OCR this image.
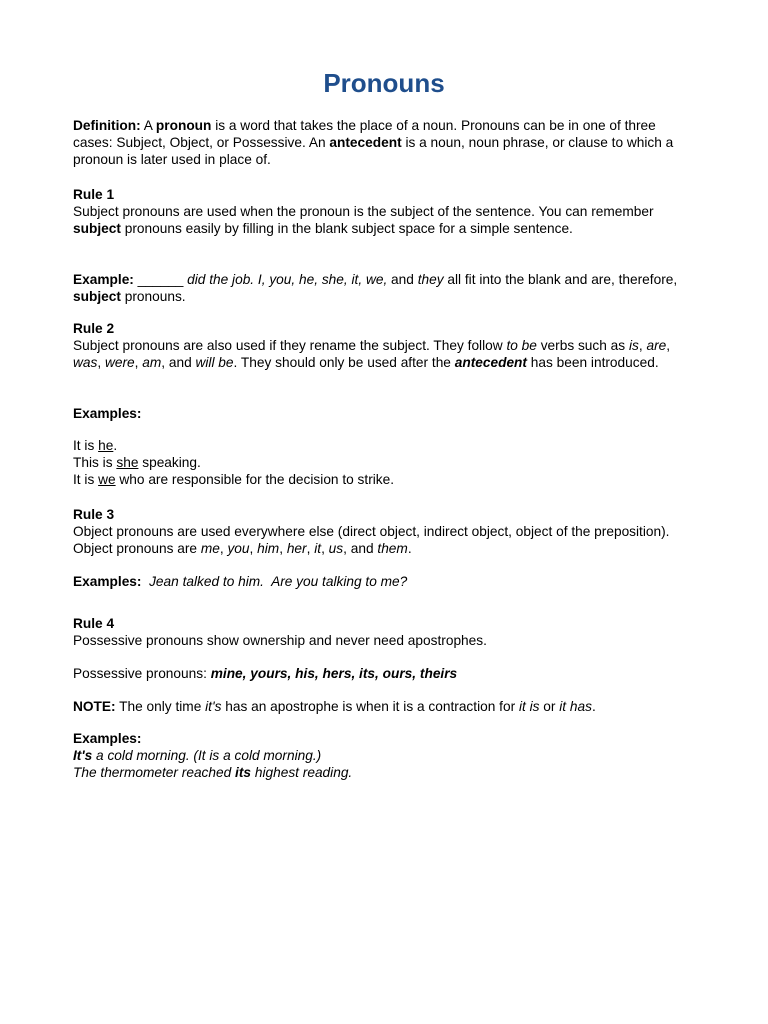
Pronouns

Definition: A pronoun is a word that takes the place of a noun. Pronouns can be in one of three cases: Subject, Object, or Possessive. An antecedent is a noun, noun phrase, or clause to which a pronoun is later used in place of.

Rule 1
Subject pronouns are used when the pronoun is the subject of the sentence. You can remember subject pronouns easily by filling in the blank subject space for a simple sentence.

Example: ______ did the job. I, you, he, she, it, we, and they all fit into the blank and are, therefore, subject pronouns.

Rule 2
Subject pronouns are also used if they rename the subject. They follow to be verbs such as is, are, was, were, am, and will be. They should only be used after the antecedent has been introduced.

Examples:

It is he.
This is she speaking.
It is we who are responsible for the decision to strike.

Rule 3
Object pronouns are used everywhere else (direct object, indirect object, object of the preposition). Object pronouns are me, you, him, her, it, us, and them.

Examples:  Jean talked to him.  Are you talking to me?

Rule 4
Possessive pronouns show ownership and never need apostrophes.

Possessive pronouns: mine, yours, his, hers, its, ours, theirs

NOTE: The only time it's has an apostrophe is when it is a contraction for it is or it has.

Examples:
It's a cold morning. (It is a cold morning.)
The thermometer reached its highest reading.
